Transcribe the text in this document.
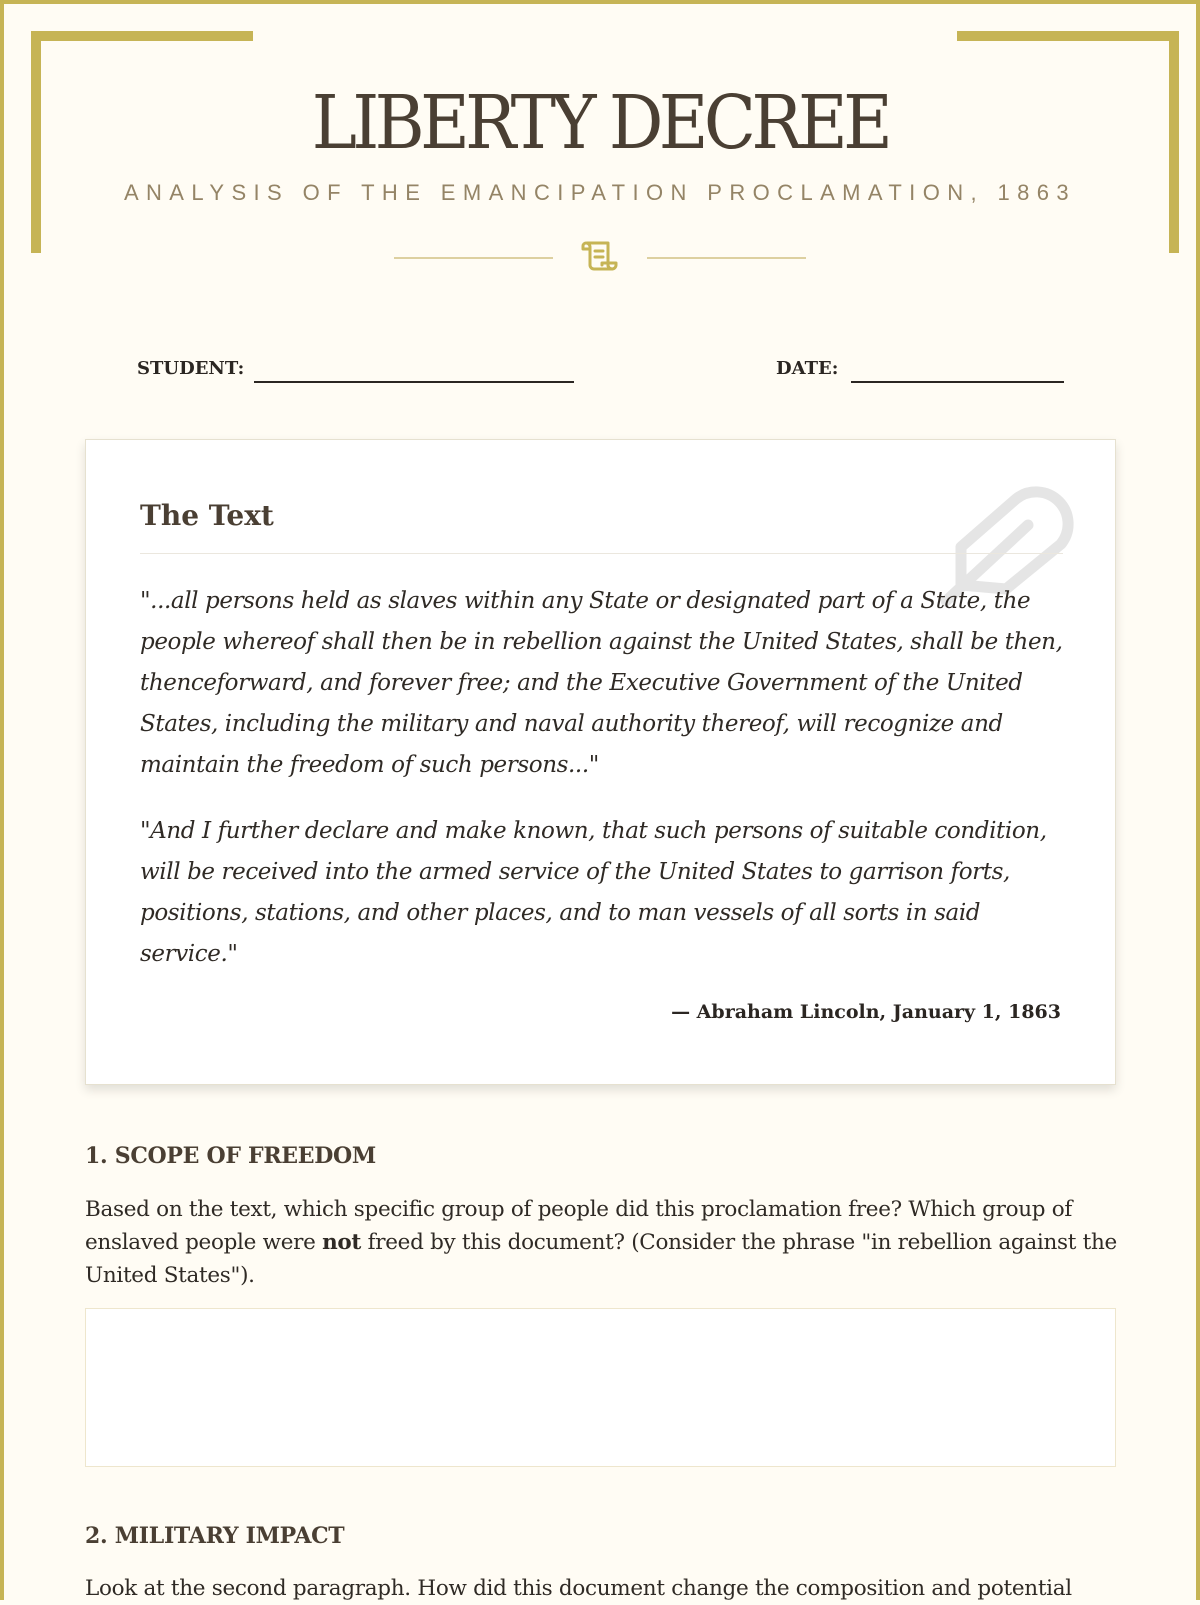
LIBERTY DECREE
ANALYSIS OF THE EMANCIPATION PROCLAMATION, 1863
STUDENT:	DATE:
The Text

"...all persons held as slaves within any State or designated part of a State, the people whereof shall then be in rebellion against the United States, shall be then, thenceforward, and forever free; and the Executive Government of the United States, including the military and naval authority thereof, will recognize and maintain the freedom of such persons..."

"And I further declare and make known, that such persons of suitable condition, will be received into the armed service of the United States to garrison forts, positions, stations, and other places, and to man vessels of all sorts in said service."

— Abraham Lincoln, January 1, 1863
1. SCOPE OF FREEDOM

Based on the text, which specific group of people did this proclamation free? Which group of enslaved people were not freed by this document? (Consider the phrase "in rebellion against the United States").

2. MILITARY IMPACT

Look at the second paragraph. How did this document change the composition and potential
